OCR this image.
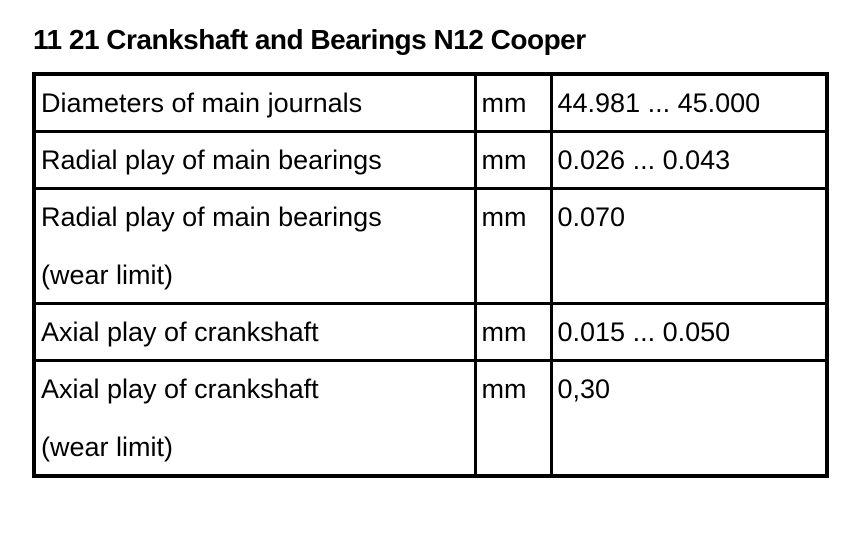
11 21 Crankshaft and Bearings N12 Cooper
Diameters of main journals	mm	44.981 ... 45.000

Radial play of main bearings	mm	0.026 ... 0.043

Radial play of main bearings
(wear limit)	mm	0.070

Axial play of crankshaft	mm	0.015 ... 0.050

Axial play of crankshaft
(wear limit)	mm	0,30
